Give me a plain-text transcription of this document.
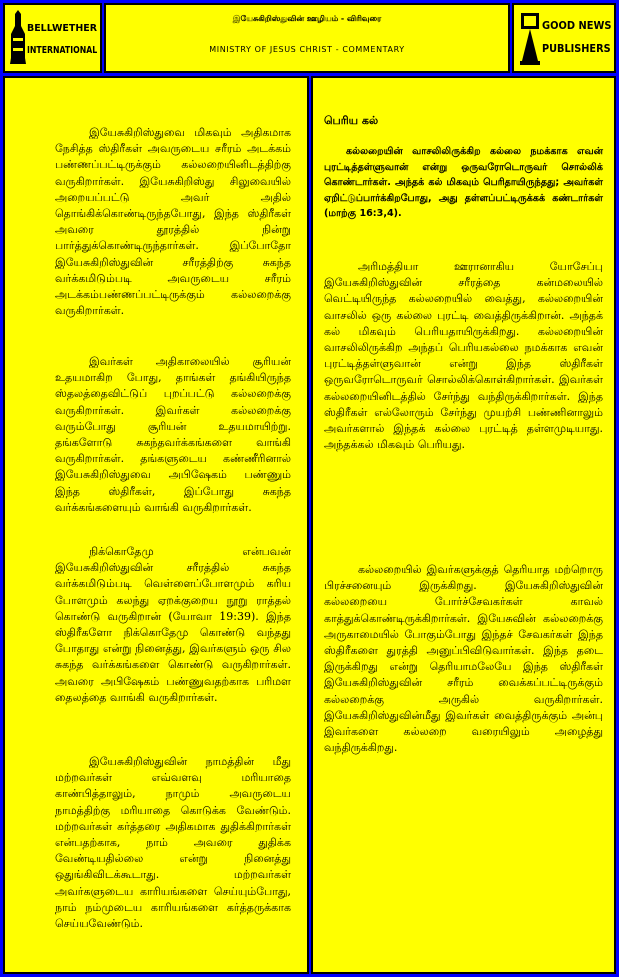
BELLWETHER
INTERNATIONAL
இயேசுகிறிஸ்துவின் ஊழியம் - விரிவுரை
MINISTRY OF JESUS CHRIST - COMMENTARY
GOOD NEWS
PUBLISHERS

இயேசுகிறிஸ்துவை மிகவும் அதிகமாக நேசித்த ஸ்திரீகள் அவருடைய சரீரம் அடக்கம் பண்ணப்பட்டிருக்கும் கல்லறையினிடத்திற்கு வருகிறார்கள். இயேசுகிறிஸ்து சிலுவையில் அறையப்பட்டு அவர் அதில் தொங்கிக்கொண்டிருந்தபோது, இந்த ஸ்திரீகள் அவரை தூரத்தில் நின்று பார்த்துக்கொண்டிருந்தார்கள். இப்போதோ இயேசுகிறிஸ்துவின் சரீரத்திற்கு சுகந்த வர்க்கமிடும்படி அவருடைய சரீரம் அடக்கம்பண்ணப்பட்டிருக்கும் கல்லறைக்கு வருகிறார்கள்.

இவர்கள் அதிகாலையில் சூரியன் உதயமாகிற போது, தாங்கள் தங்கியிருந்த ஸ்தலத்தைவிட்டுப் புறப்பட்டு கல்லறைக்கு வருகிறார்கள். இவர்கள் கல்லறைக்கு வரும்போது சூரியன் உதயமாயிற்று. தங்களோடு சுகந்தவர்க்கங்களை வாங்கி வருகிறார்கள். தங்களுடைய கண்ணீரினால் இயேசுகிறிஸ்துவை அபிஷேகம் பண்ணும் இந்த ஸ்திரீகள், இப்போது சுகந்த வர்க்கங்களையும் வாங்கி வருகிறார்கள்.

நிக்கொதேமு என்பவன் இயேசுகிறிஸ்துவின் சரீரத்தில் சுகந்த வர்க்கமிடும்படி வெள்ளைப்போளமும் கரிய போளமும் கலந்து ஏறக்குறைய நூறு ராத்தல் கொண்டு வருகிறான் (யோவா 19:39). இந்த ஸ்திரீகளோ நிக்கொதேமு கொண்டு வந்தது போதாது என்று நினைத்து, இவர்களும் ஒரு சில சுகந்த வர்க்கங்களை கொண்டு வருகிறார்கள். அவரை அபிஷேகம் பண்ணுவதற்காக பரிமள தைலத்தை வாங்கி வருகிறார்கள்.

இயேசுகிறிஸ்துவின் நாமத்தின் மீது மற்றவர்கள் எவ்வளவு மரியாதை காண்பித்தாலும், நாமும் அவருடைய நாமத்திற்கு மரியாதை கொடுக்க வேண்டும். மற்றவர்கள் கர்த்தரை அதிகமாக துதிக்கிறார்கள் என்பதற்காக, நாம் அவரை துதிக்க வேண்டியதில்லை என்று நினைத்து ஒதுங்கிவிடக்கூடாது. மற்றவர்கள் அவர்களுடைய காரியங்களை செய்யும்போது, நாம் நம்முடைய காரியங்களை கர்த்தருக்காக செய்யவேண்டும்.

பெரிய கல்
கல்லறையின் வாசலிலிருக்கிற கல்லை நமக்காக எவன் புரட்டித்தள்ளுவான் என்று ஒருவரோடொருவர் சொல்லிக் கொண்டார்கள். அந்தக் கல் மிகவும் பெரிதாயிருந்தது; அவர்கள் ஏறிட்டுப்பார்க்கிறபோது, அது தள்ளப்பட்டிருக்கக் கண்டார்கள் (மாற்கு 16:3,4).

அரிமத்தியா ஊரானாகிய யோசேப்பு இயேசுகிறிஸ்துவின் சரீரத்தை கன்மலையில் வெட்டியிருந்த கல்லறையில் வைத்து, கல்லறையின் வாசலில் ஒரு கல்லை புரட்டி வைத்திருக்கிறான். அந்தக் கல் மிகவும் பெரியதாயிருக்கிறது. கல்லறையின் வாசலிலிருக்கிற அந்தப் பெரியகல்லை நமக்காக எவன் புரட்டித்தள்ளுவான் என்று இந்த ஸ்திரீகள் ஒருவரோடொருவர் சொல்லிக்கொள்கிறார்கள். இவர்கள் கல்லறையினிடத்தில் சேர்ந்து வந்திருக்கிறார்கள். இந்த ஸ்திரீகள் எல்லோரும் சேர்ந்து முயற்சி பண்ணினாலும் அவர்களால் இந்தக் கல்லை புரட்டித் தள்ளமுடியாது. அந்தக்கல் மிகவும் பெரியது.

கல்லறையில் இவர்களுக்குத் தெரியாத மற்றொரு பிரச்சனையும் இருக்கிறது. இயேசுகிறிஸ்துவின் கல்லறையை போர்ச்சேவகர்கள் காவல் காத்துக்கொண்டிருக்கிறார்கள். இயேசுவின் கல்லறைக்கு அருகாமையில் போகும்போது இந்தச் சேவகர்கள் இந்த ஸ்திரீகளை துரத்தி அனுப்பிவிடுவார்கள். இந்த தடை இருக்கிறது என்று தெரியாமலேயே இந்த ஸ்திரீகள் இயேசுகிறிஸ்துவின் சரீரம் வைக்கப்பட்டிருக்கும் கல்லறைக்கு அருகில் வருகிறார்கள். இயேசுகிறிஸ்துவின்மீது இவர்கள் வைத்திருக்கும் அன்பு இவர்களை கல்லறை வரையிலும் அழைத்து வந்திருக்கிறது.
